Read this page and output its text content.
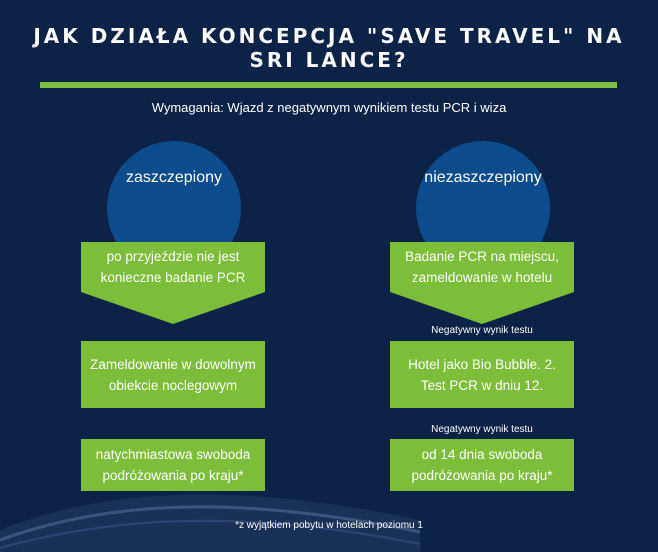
JAK DZIAŁA KONCEPCJA "SAVE TRAVEL" NA SRI LANCE?
Wymagania: Wjazd z negatywnym wynikiem testu PCR i wiza
zaszczepiony
po przyjeździe nie jest konieczne badanie PCR
Zameldowanie w dowolnym obiekcie noclegowym
natychmiastowa swoboda podróżowania po kraju*
niezaszczepiony
Badanie PCR na miejscu, zameldowanie w hotelu "Level 1".
Negatywny wynik testu
Hotel jako Bio Bubble. 2. Test PCR w dniu 12.
Negatywny wynik testu
od 14 dnia swoboda podróżowania po kraju*
*z wyjątkiem pobytu w hotelach poziomu 1
